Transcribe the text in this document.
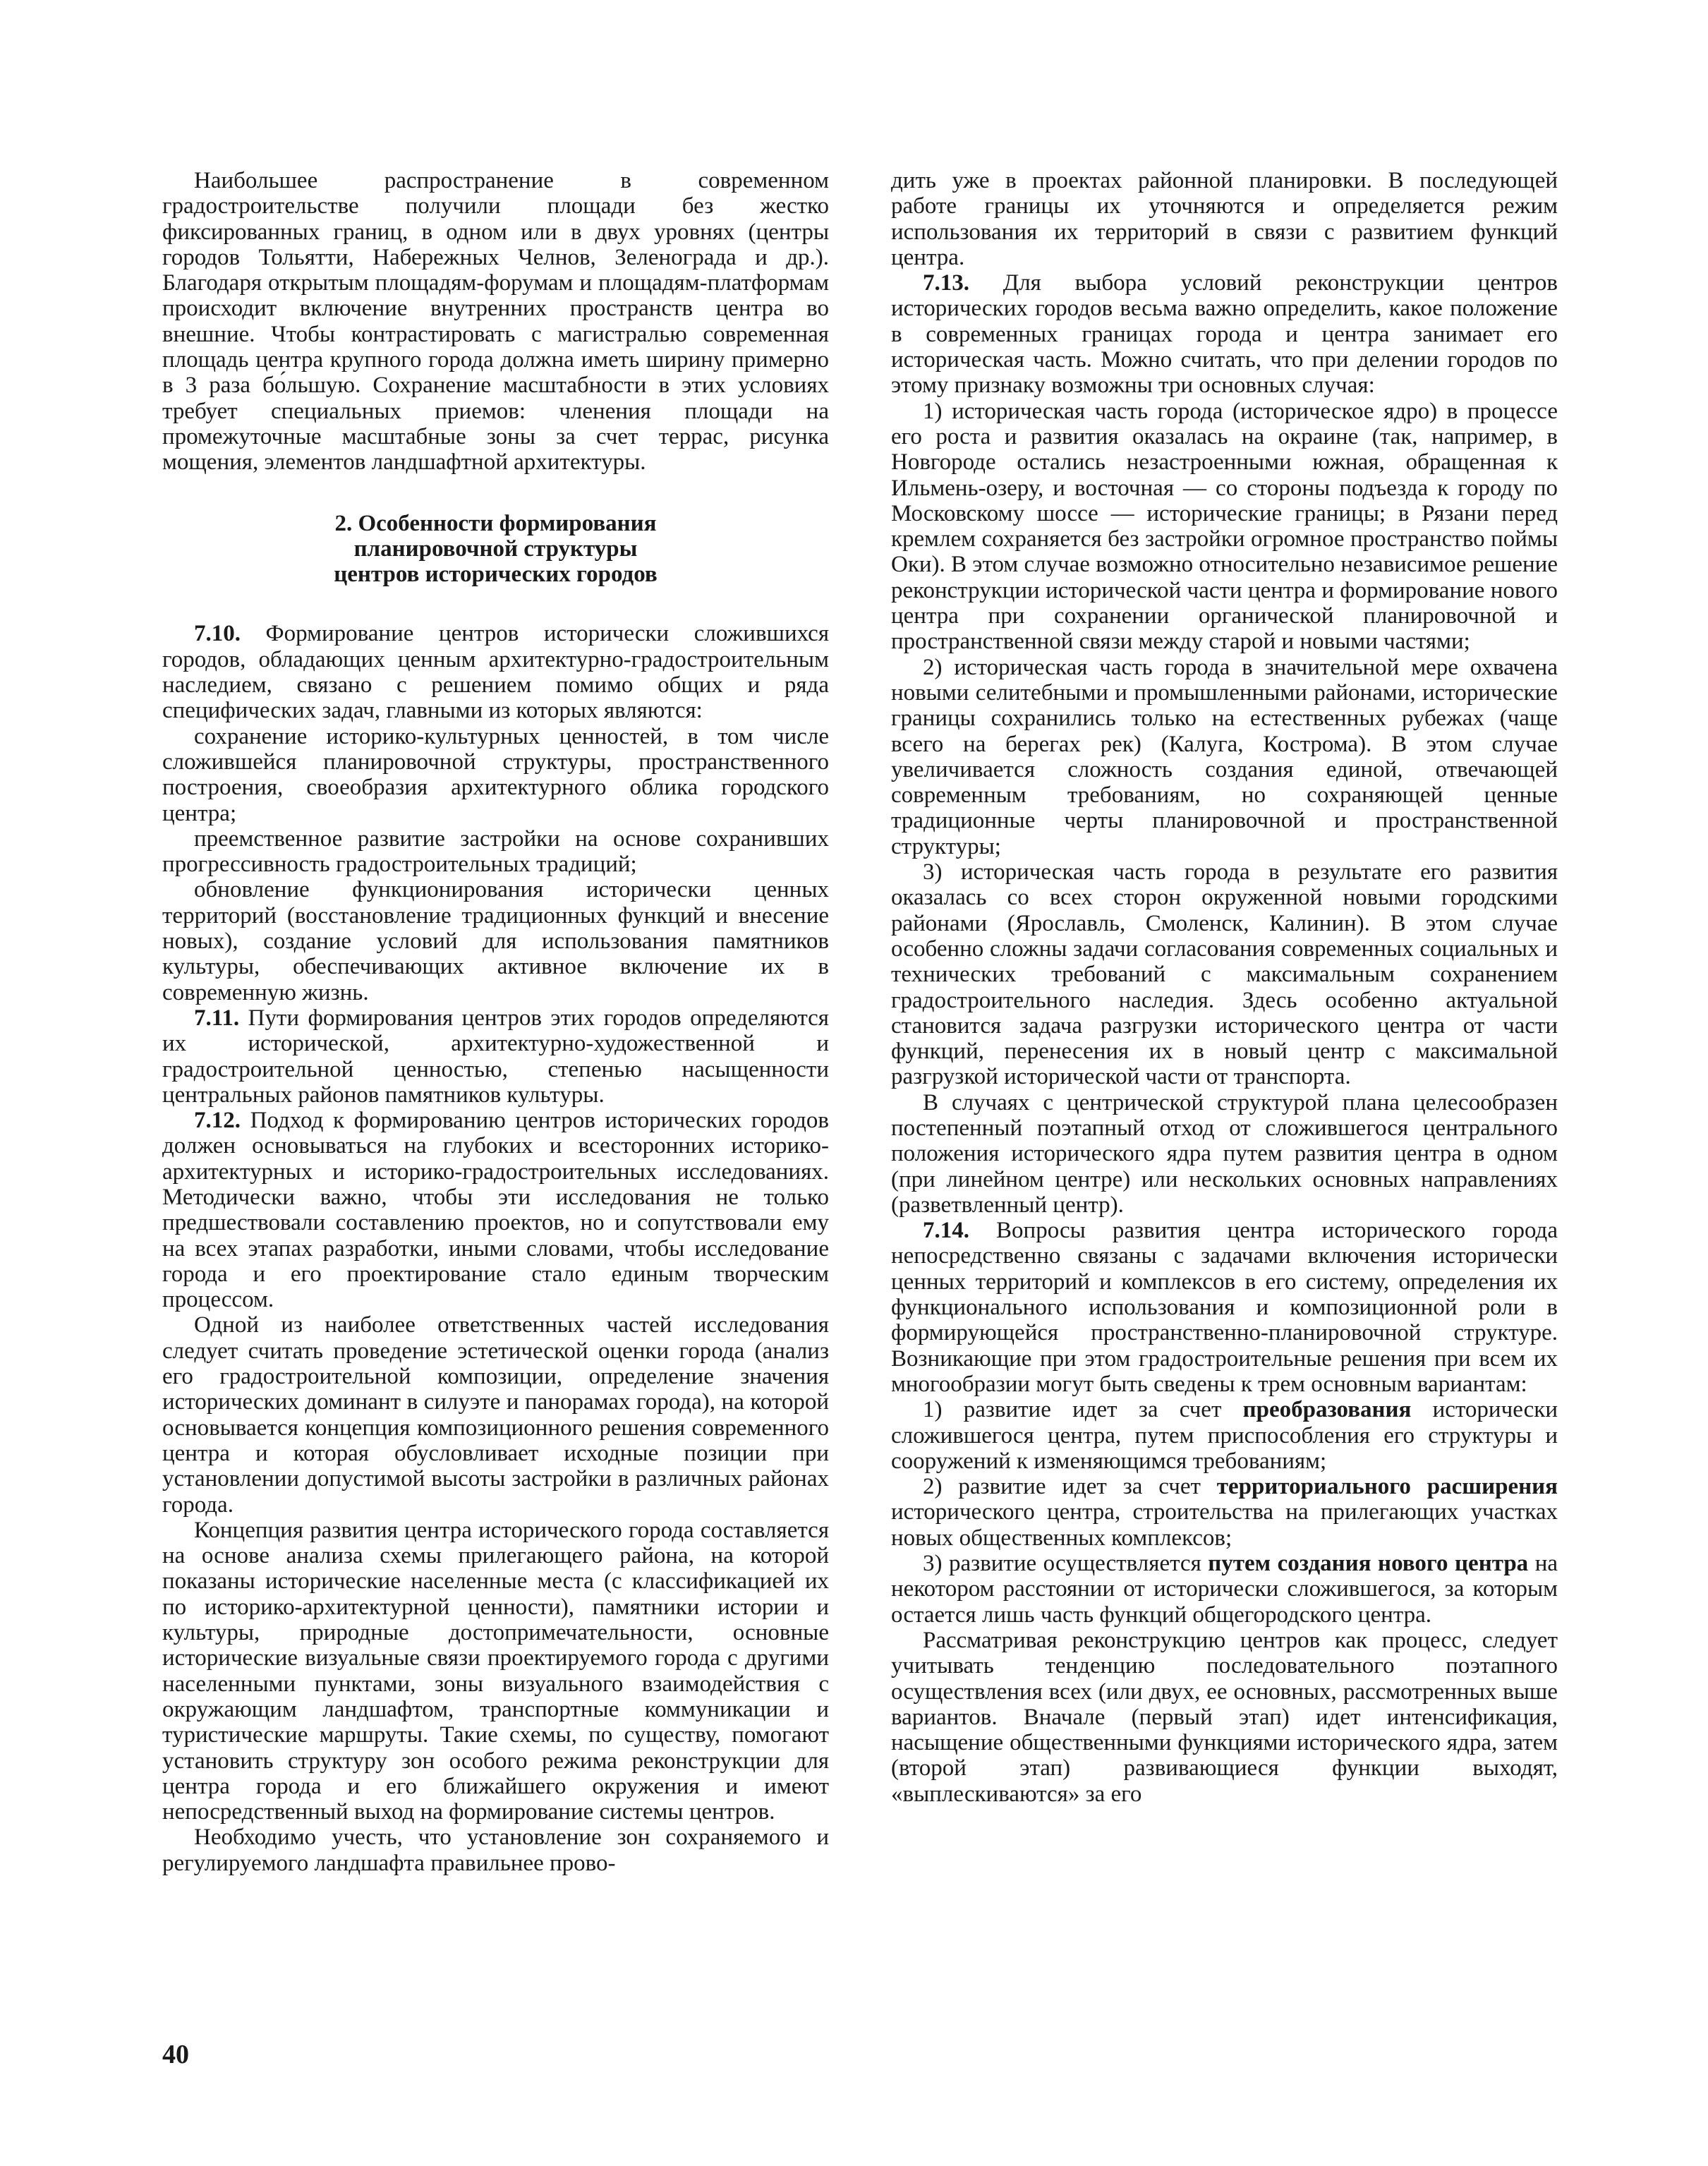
Наибольшее распространение в современном градостроительстве получили площади без жестко фиксированных границ, в одном или в двух уровнях (центры городов Тольятти, Набережных Челнов, Зеленограда и др.). Благодаря открытым площадям-форумам и площадям-платформам происходит включение внутренних пространств центра во внешние. Чтобы контрастировать с магистралью современная площадь центра крупного города должна иметь ширину примерно в 3 раза бо́льшую. Сохранение масштабности в этих условиях требует специальных приемов: членения площади на промежуточные масштабные зоны за счет террас, рисунка мощения, элементов ландшафтной архитектуры.

2. Особенности формирования
планировочной структуры
центров исторических городов

7.10. Формирование центров исторически сложившихся городов, обладающих ценным архитектурно-градостроительным наследием, связано с решением помимо общих и ряда специфических задач, главными из которых являются:

сохранение историко-культурных ценностей, в том числе сложившейся планировочной структуры, пространственного построения, своеобразия архитектурного облика городского центра;

преемственное развитие застройки на основе сохранивших прогрессивность градостроительных традиций;

обновление функционирования исторически ценных территорий (восстановление традиционных функций и внесение новых), создание условий для использования памятников культуры, обеспечивающих активное включение их в современную жизнь.

7.11. Пути формирования центров этих городов определяются их исторической, архитектурно-художественной и градостроительной ценностью, степенью насыщенности центральных районов памятников культуры.

7.12. Подход к формированию центров исторических городов должен основываться на глубоких и всесторонних историко-архитектурных и историко-градостроительных исследованиях. Методически важно, чтобы эти исследования не только предшествовали составлению проектов, но и сопутствовали ему на всех этапах разработки, иными словами, чтобы исследование города и его проектирование стало единым творческим процессом.

Одной из наиболее ответственных частей исследования следует считать проведение эстетической оценки города (анализ его градостроительной композиции, определение значения исторических доминант в силуэте и панорамах города), на которой основывается концепция композиционного решения современного центра и которая обусловливает исходные позиции при установлении допустимой высоты застройки в различных районах города.

Концепция развития центра исторического города составляется на основе анализа схемы прилегающего района, на которой показаны исторические населенные места (с классификацией их по историко-архитектурной ценности), памятники истории и культуры, природные достопримечательности, основные исторические визуальные связи проектируемого города с другими населенными пунктами, зоны визуального взаимодействия с окружающим ландшафтом, транспортные коммуникации и туристические маршруты. Такие схемы, по существу, помогают установить структуру зон особого режима реконструкции для центра города и его ближайшего окружения и имеют непосредственный выход на формирование системы центров.

Необходимо учесть, что установление зон сохраняемого и регулируемого ландшафта правильнее прово-

дить уже в проектах районной планировки. В последующей работе границы их уточняются и определяется режим использования их территорий в связи с развитием функций центра.

7.13. Для выбора условий реконструкции центров исторических городов весьма важно определить, какое положение в современных границах города и центра занимает его историческая часть. Можно считать, что при делении городов по этому признаку возможны три основных случая:

1) историческая часть города (историческое ядро) в процессе его роста и развития оказалась на окраине (так, например, в Новгороде остались незастроенными южная, обращенная к Ильмень-озеру, и восточная — со стороны подъезда к городу по Московскому шоссе — исторические границы; в Рязани перед кремлем сохраняется без застройки огромное пространство поймы Оки). В этом случае возможно относительно независимое решение реконструкции исторической части центра и формирование нового центра при сохранении органической планировочной и пространственной связи между старой и новыми частями;

2) историческая часть города в значительной мере охвачена новыми селитебными и промышленными районами, исторические границы сохранились только на естественных рубежах (чаще всего на берегах рек) (Калуга, Кострома). В этом случае увеличивается сложность создания единой, отвечающей современным требованиям, но сохраняющей ценные традиционные черты планировочной и пространственной структуры;

3) историческая часть города в результате его развития оказалась со всех сторон окруженной новыми городскими районами (Ярославль, Смоленск, Калинин). В этом случае особенно сложны задачи согласования современных социальных и технических требований с максимальным сохранением градостроительного наследия. Здесь особенно актуальной становится задача разгрузки исторического центра от части функций, перенесения их в новый центр с максимальной разгрузкой исторической части от транспорта.

В случаях с центрической структурой плана целесообразен постепенный поэтапный отход от сложившегося центрального положения исторического ядра путем развития центра в одном (при линейном центре) или нескольких основных направлениях (разветвленный центр).

7.14. Вопросы развития центра исторического города непосредственно связаны с задачами включения исторически ценных территорий и комплексов в его систему, определения их функционального использования и композиционной роли в формирующейся пространственно-планировочной структуре. Возникающие при этом градостроительные решения при всем их многообразии могут быть сведены к трем основным вариантам:

1) развитие идет за счет преобразования исторически сложившегося центра, путем приспособления его структуры и сооружений к изменяющимся требованиям;

2) развитие идет за счет территориального расширения исторического центра, строительства на прилегающих участках новых общественных комплексов;

3) развитие осуществляется путем создания нового центра на некотором расстоянии от исторически сложившегося, за которым остается лишь часть функций общегородского центра.

Рассматривая реконструкцию центров как процесс, следует учитывать тенденцию последовательного поэтапного осуществления всех (или двух, ее основных, рассмотренных выше вариантов. Вначале (первый этап) идет интенсификация, насыщение общественными функциями исторического ядра, затем (второй этап) развивающиеся функции выходят, «выплескиваются» за его

40
